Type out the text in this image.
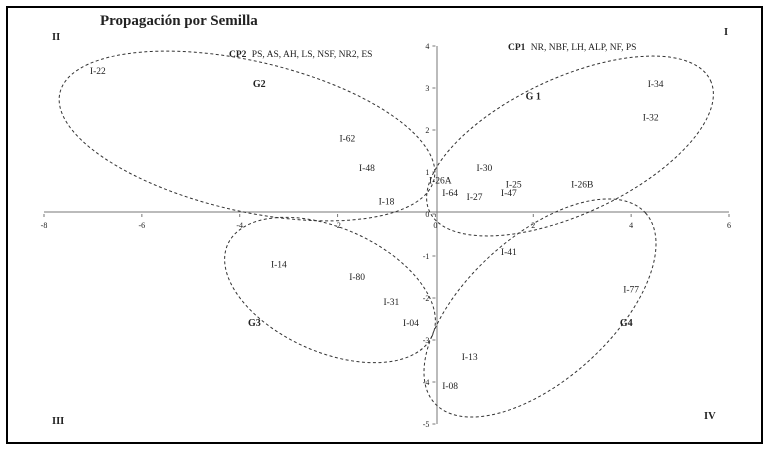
Propagación por Semilla
-8	-6	-4	-2	0	2	4	6
4
3
2
1
0
-1
-2
-3
-4
-5
CP2 PS, AS, AH, LS, NSF, NR2, ES
CP1 NR, NBF, LH, ALP, NF, PS
I
II
III	IV
I-22
I-62
I-48
I-18
I-26A
I-64
I-30
I-27
I-25
I-47
I-26B
I-34
I-32
I-41
I-77
I-14
I-80
I-31
I-04
I-13
I-08
G 1
G2
G3	G4
